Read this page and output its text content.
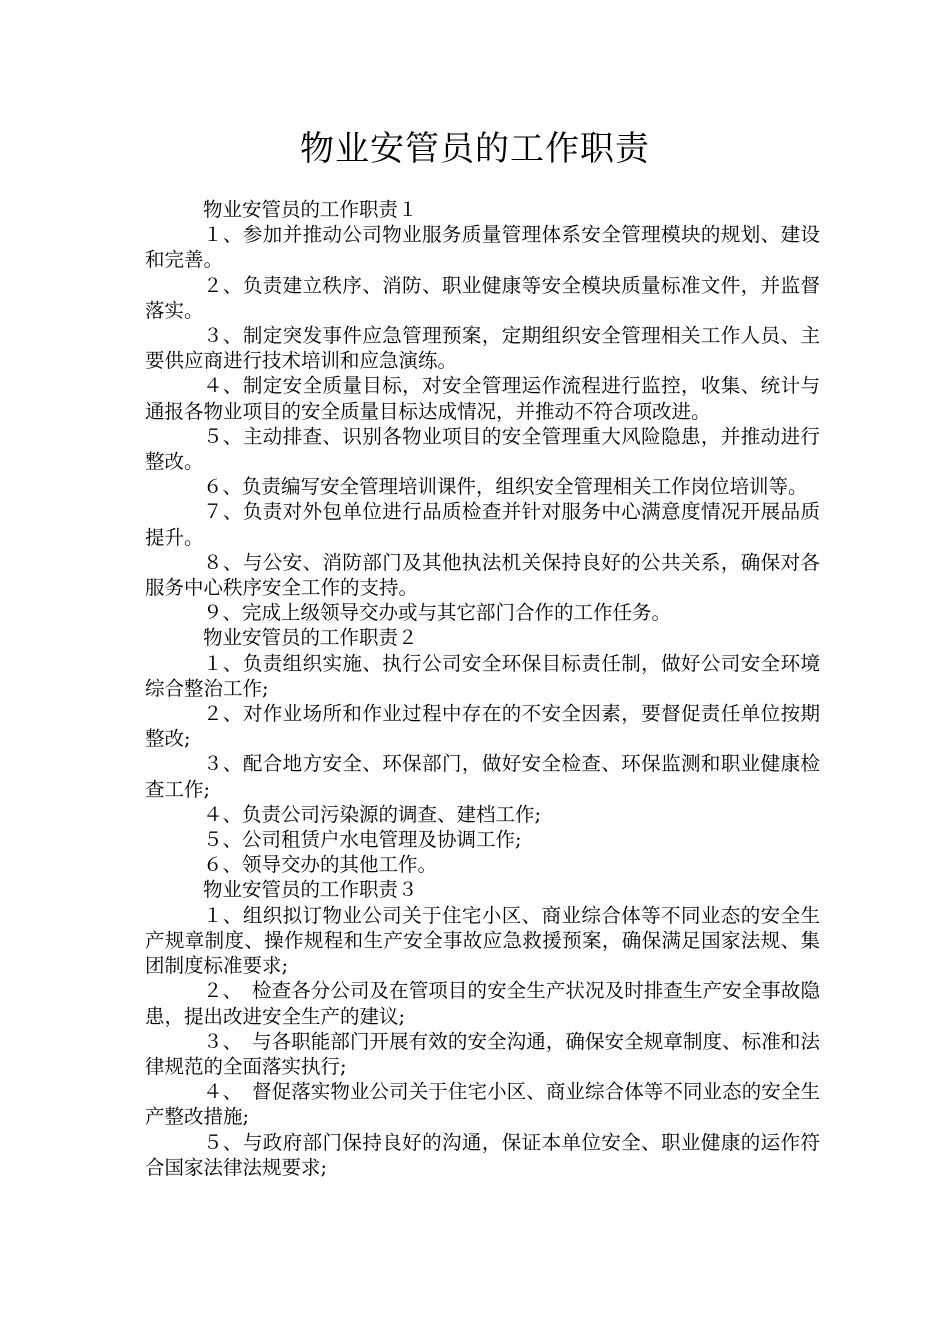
物业安管员的工作职责

物业安管员的工作职责１

１、参加并推动公司物业服务质量管理体系安全管理模块的规划、建设和完善。

２、负责建立秩序、消防、职业健康等安全模块质量标准文件，并监督落实。

３、制定突发事件应急管理预案，定期组织安全管理相关工作人员、主要供应商进行技术培训和应急演练。

４、制定安全质量目标，对安全管理运作流程进行监控，收集、统计与通报各物业项目的安全质量目标达成情况，并推动不符合项改进。

５、主动排查、识别各物业项目的安全管理重大风险隐患，并推动进行整改。

６、负责编写安全管理培训课件，组织安全管理相关工作岗位培训等。

７、负责对外包单位进行品质检查并针对服务中心满意度情况开展品质提升。

８、与公安、消防部门及其他执法机关保持良好的公共关系，确保对各服务中心秩序安全工作的支持。

９、完成上级领导交办或与其它部门合作的工作任务。

物业安管员的工作职责２

１、负责组织实施、执行公司安全环保目标责任制，做好公司安全环境综合整治工作;

２、对作业场所和作业过程中存在的不安全因素，要督促责任单位按期整改;

３、配合地方安全、环保部门，做好安全检查、环保监测和职业健康检查工作;

４、负责公司污染源的调查、建档工作;

５、公司租赁户水电管理及协调工作;

６、领导交办的其他工作。

物业安管员的工作职责３

１、组织拟订物业公司关于住宅小区、商业综合体等不同业态的安全生产规章制度、操作规程和生产安全事故应急救援预案，确保满足国家法规、集团制度标准要求;

２、　检查各分公司及在管项目的安全生产状况及时排查生产安全事故隐患，提出改进安全生产的建议;

３、　与各职能部门开展有效的安全沟通，确保安全规章制度、标准和法律规范的全面落实执行;

４、　督促落实物业公司关于住宅小区、商业综合体等不同业态的安全生产整改措施;

５、与政府部门保持良好的沟通，保证本单位安全、职业健康的运作符合国家法律法规要求;
